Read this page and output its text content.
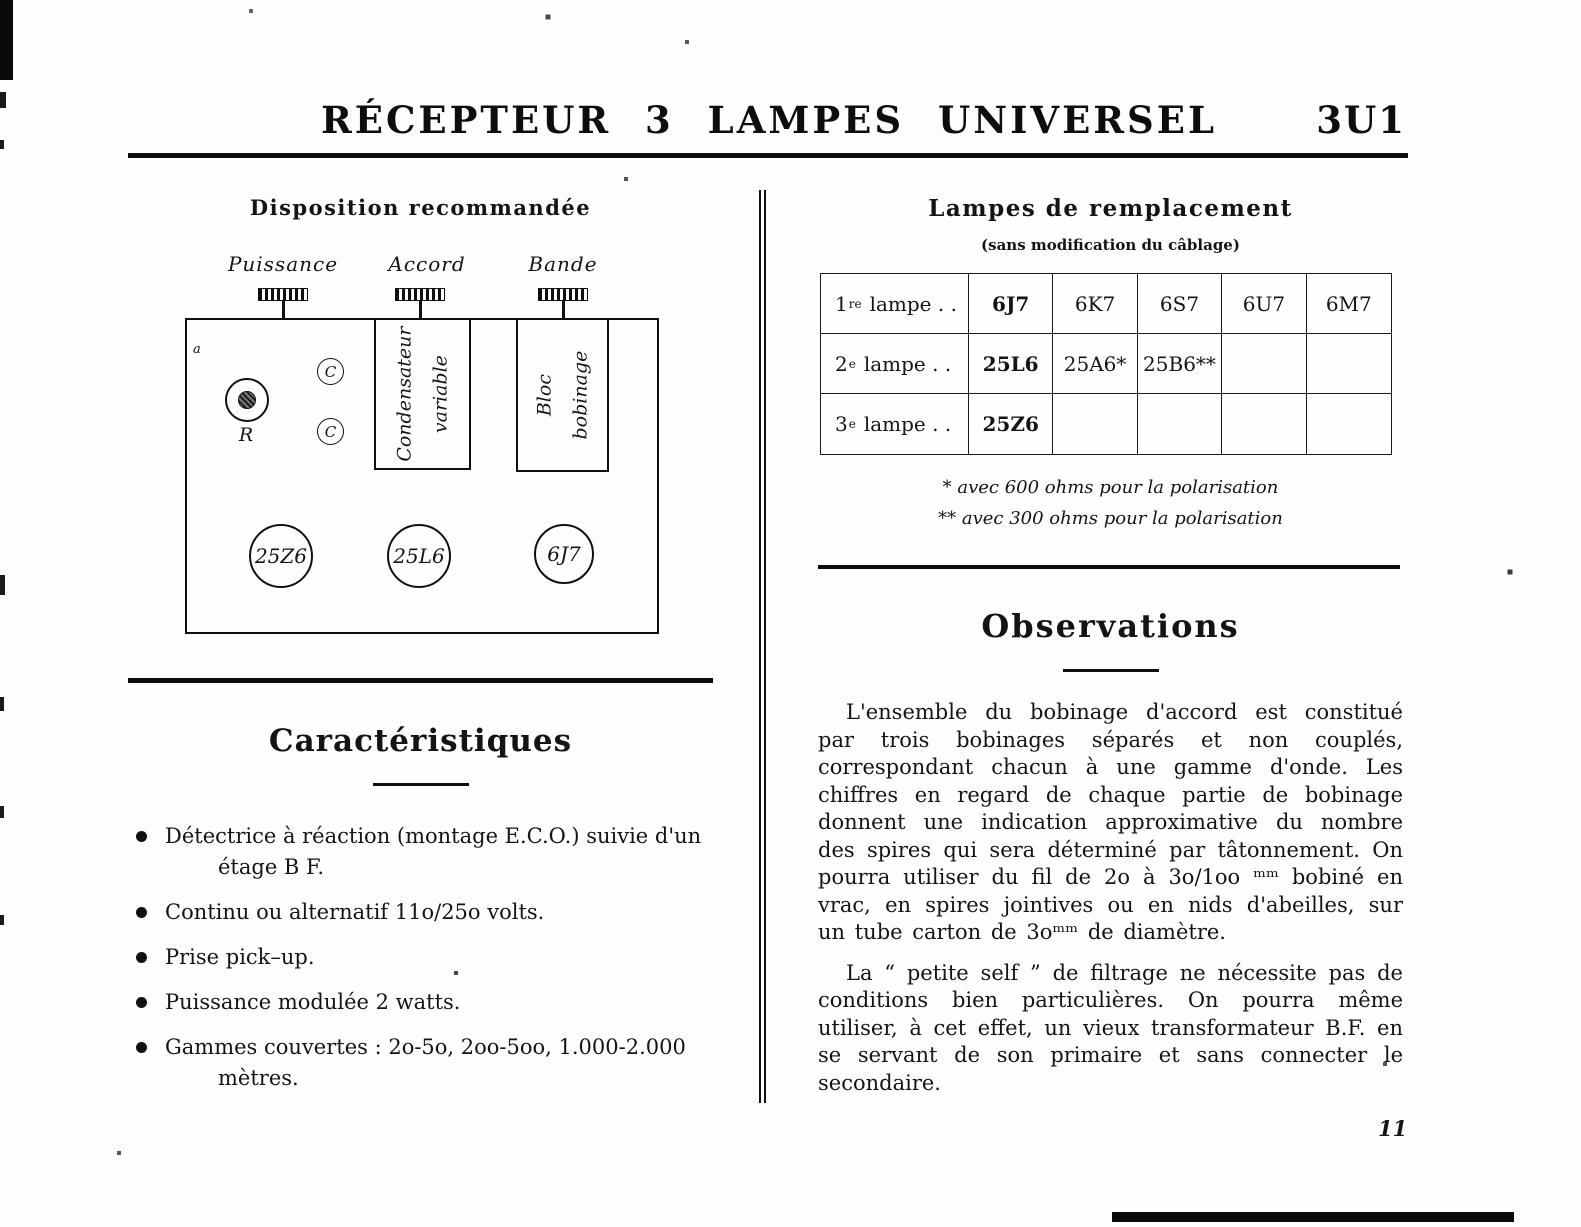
RÉCEPTEUR 3 LAMPES UNIVERSEL	3U1
Disposition recommandée
Puissance	Accord	Bande
a
R
C
C	Condensateur variable	Bloc bobinage
25Z6	25L6	6J7
Caractéristiques
Détectrice à réaction (montage E.C.O.) suivie d'un
étage B F.
Continu ou alternatif 11o/25o volts.
Prise pick–up.
Puissance modulée 2 watts.
Gammes couvertes : 2o-5o, 2oo-5oo, 1.000-2.000
mètres.
Lampes de remplacement
(sans modification du câblage)
1 re lampe . .	6J7	6K7	6S7	6U7	6M7
2 e lampe . .	25L6	25A6* 25B6**
3 e lampe . .	25Z6
* avec 600 ohms pour la polarisation
** avec 300 ohms pour la polarisation
Observations

L'ensemble du bobinage d'accord est constitué par trois bobinages séparés et non couplés, correspondant chacun à une gamme d'onde. Les chiffres en regard de chaque partie de bobinage donnent une indication approximative du nombre des spires qui sera déterminé par tâtonnement. On pourra utiliser du fil de 2o à 3o/1oo ᵐᵐ bobiné en vrac, en spires jointives ou en nids d'abeilles, sur un tube carton de 3oᵐᵐ de diamètre.

La “ petite self ” de filtrage ne nécessite pas de conditions bien particulières. On pourra même utiliser, à cet effet, un vieux transformateur B.F. en se servant de son primaire et sans connecter le secondaire.

11
